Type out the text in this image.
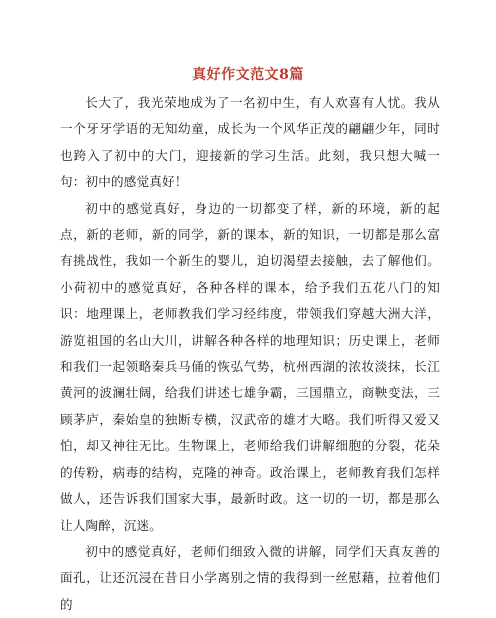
真好作文范文8篇

长大了，我光荣地成为了一名初中生，有人欢喜有人忧。我从一个牙牙学语的无知幼童，成长为一个风华正茂的翩翩少年，同时也跨入了初中的大门，迎接新的学习生活。此刻，我只想大喊一句：初中的感觉真好！

初中的感觉真好，身边的一切都变了样，新的环境，新的起点，新的老师，新的同学，新的课本，新的知识，一切都是那么富有挑战性，我如一个新生的婴儿，迫切渴望去接触，去了解他们。小荷初中的感觉真好，各种各样的课本，给予我们五花八门的知识：地理课上，老师教我们学习经纬度，带领我们穿越大洲大洋，游览祖国的名山大川，讲解各种各样的地理知识；历史课上，老师和我们一起领略秦兵马俑的恢弘气势，杭州西湖的浓妆淡抹，长江黄河的波澜壮阔，给我们讲述七雄争霸，三国鼎立，商鞅变法，三顾茅庐，秦始皇的独断专横，汉武帝的雄才大略。我们听得又爱又怕，却又神往无比。生物课上，老师给我们讲解细胞的分裂，花朵的传粉，病毒的结构，克隆的神奇。政治课上，老师教育我们怎样做人，还告诉我们国家大事，最新时政。这一切的一切，都是那么让人陶醉，沉迷。

初中的感觉真好，老师们细致入微的讲解，同学们天真友善的面孔，让还沉浸在昔日小学离别之情的我得到一丝慰藉，拉着他们的
